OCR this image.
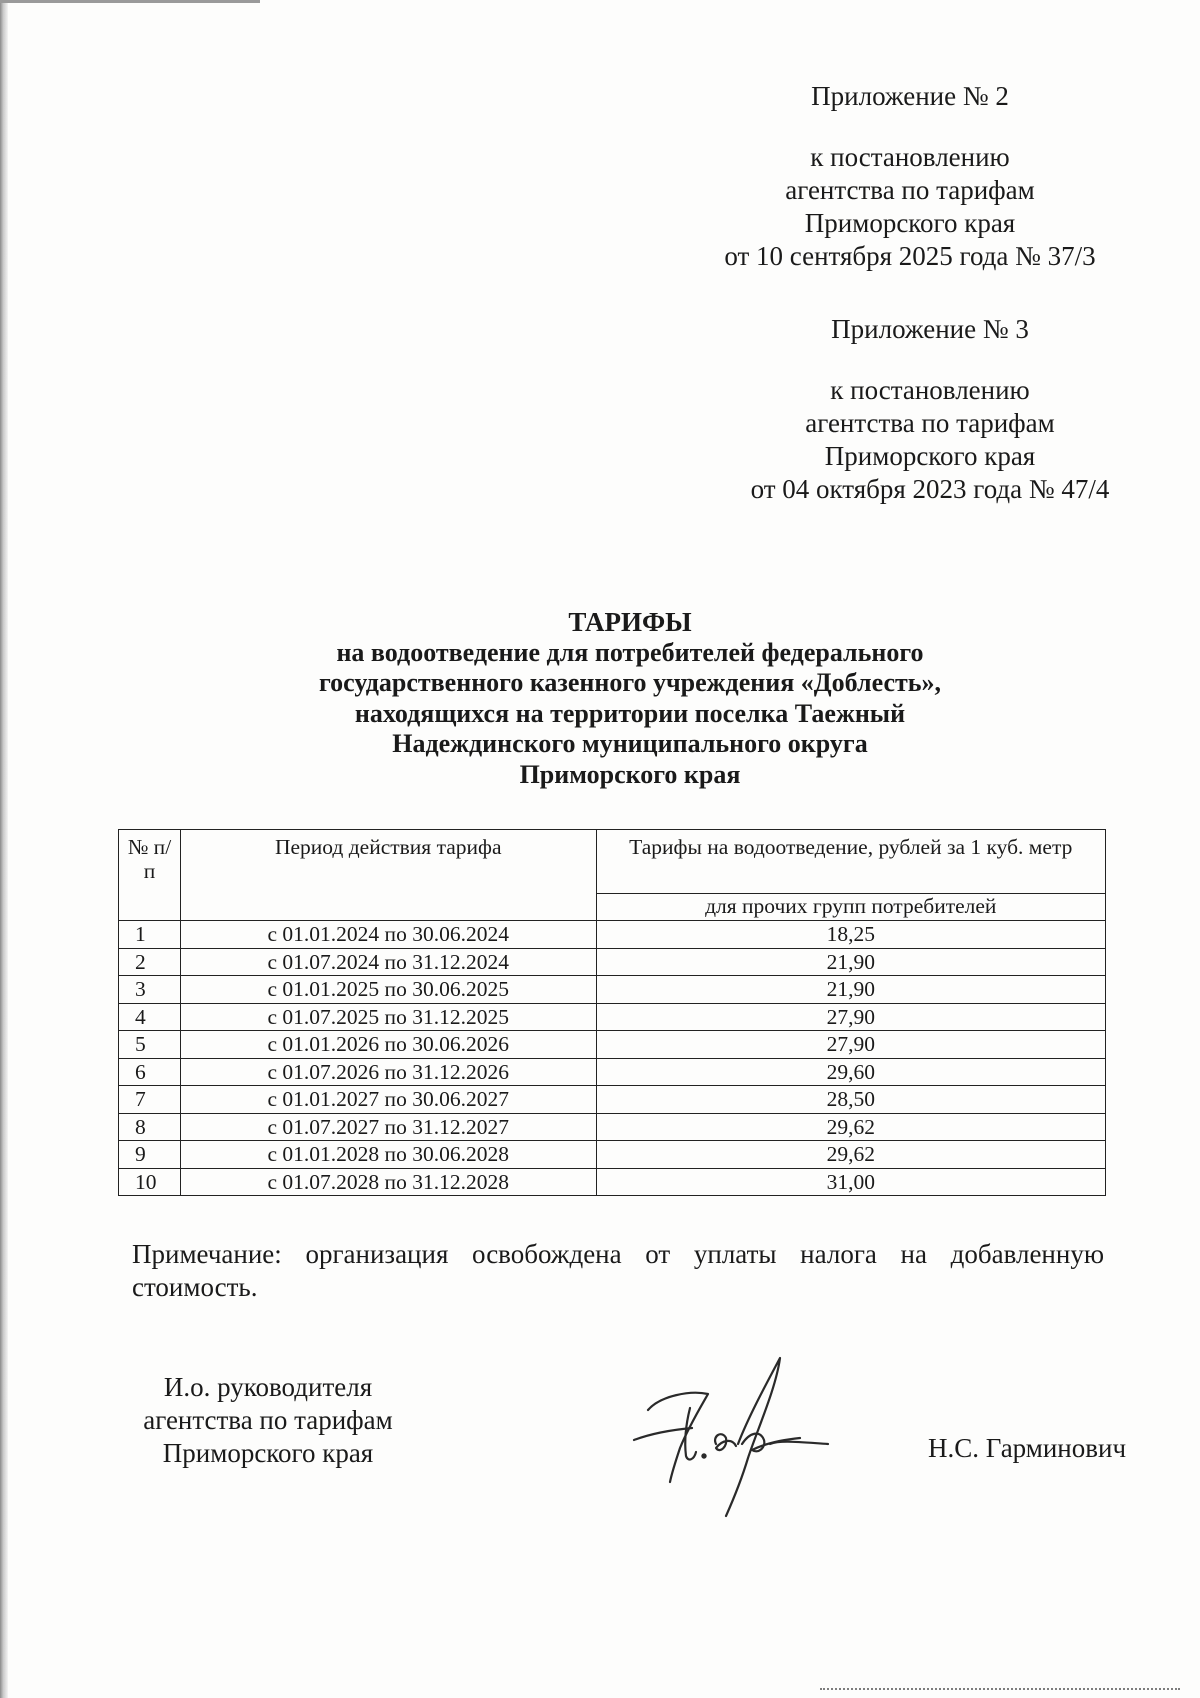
Приложение № 2

к постановлению

агентства по тарифам

Приморского края

от 10 сентября 2025 года № 37/3

Приложение № 3

к постановлению

агентства по тарифам

Приморского края

от 04 октября 2023 года № 47/4

ТАРИФЫ

на водоотведение для потребителей федерального

государственного казенного учреждения «Доблесть»,

находящихся на территории поселка Таежный

Надеждинского муниципального округа

Приморского края

№ п/п	Период действия тарифа	Тарифы на водоотведение, рублей за 1 куб. метр
		для прочих групп потребителей
1	с 01.01.2024 по 30.06.2024	18,25
2	с 01.07.2024 по 31.12.2024	21,90
3	с 01.01.2025 по 30.06.2025	21,90
4	с 01.07.2025 по 31.12.2025	27,90
5	с 01.01.2026 по 30.06.2026	27,90
6	с 01.07.2026 по 31.12.2026	29,60
7	с 01.01.2027 по 30.06.2027	28,50
8	с 01.07.2027 по 31.12.2027	29,62
9	с 01.01.2028 по 30.06.2028	29,62
10	с 01.07.2028 по 31.12.2028	31,00
Примечание: организация освобождена от уплаты налога на добавленную
стоимость.

И.о. руководителя

агентства по тарифам

Приморского края	Н.С. Гарминович
